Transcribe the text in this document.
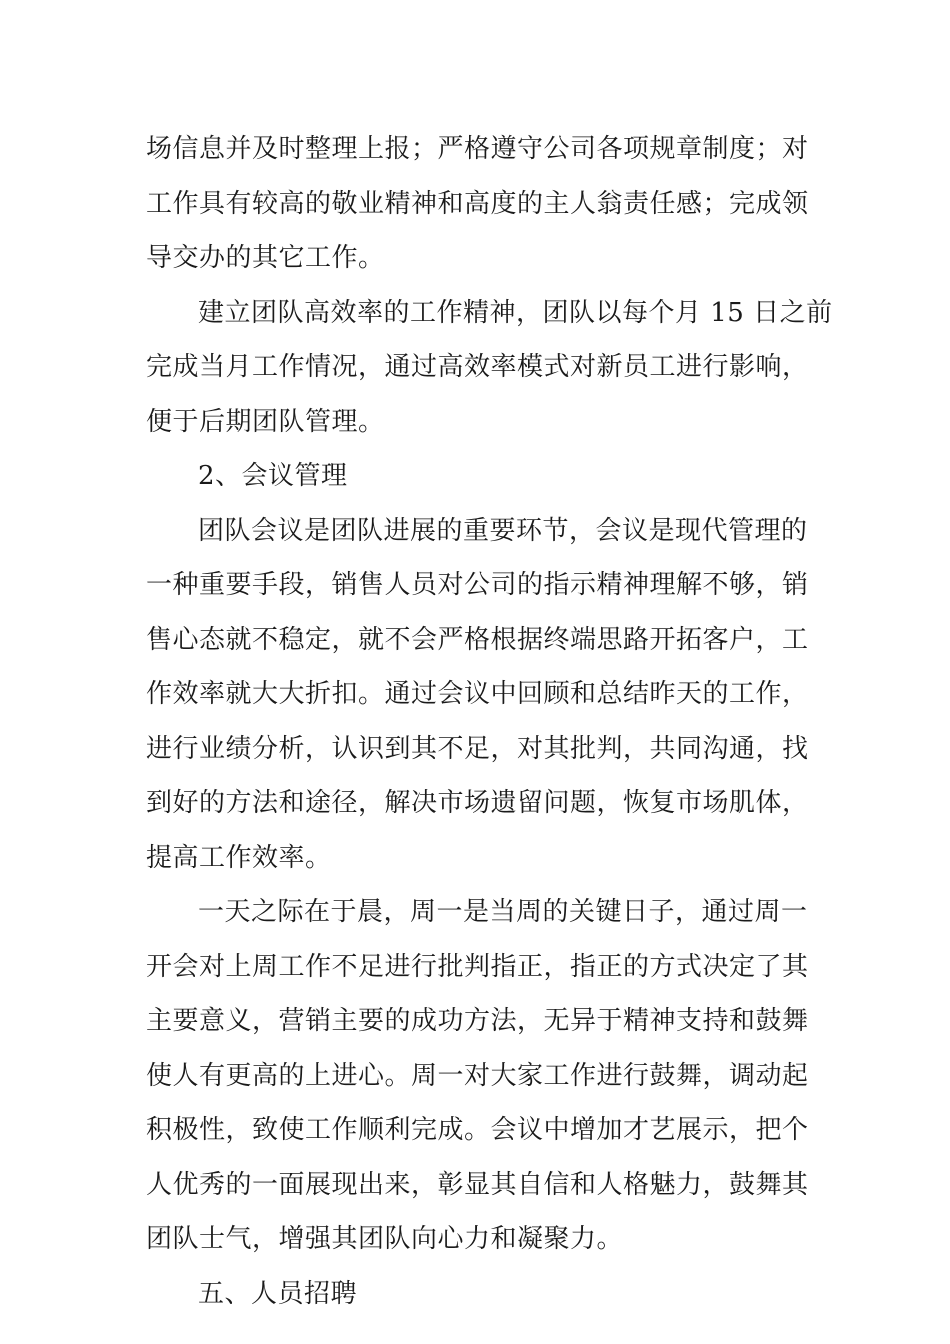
场信息并及时整理上报；严格遵守公司各项规章制度；对
工作具有较高的敬业精神和高度的主人翁责任感；完成领
导交办的其它工作。
建立团队高效率的工作精神，团队以每个月 15 日之前
完成当月工作情况，通过高效率模式对新员工进行影响，
便于后期团队管理。
2、会议管理
团队会议是团队进展的重要环节，会议是现代管理的
一种重要手段，销售人员对公司的指示精神理解不够，销
售心态就不稳定，就不会严格根据终端思路开拓客户，工
作效率就大大折扣。通过会议中回顾和总结昨天的工作，
进行业绩分析，认识到其不足，对其批判，共同沟通，找
到好的方法和途径，解决市场遗留问题，恢复市场肌体，
提高工作效率。
一天之际在于晨，周一是当周的关键日子，通过周一
开会对上周工作不足进行批判指正，指正的方式决定了其
主要意义，营销主要的成功方法，无异于精神支持和鼓舞
使人有更高的上进心。周一对大家工作进行鼓舞，调动起
积极性，致使工作顺利完成。会议中增加才艺展示，把个
人优秀的一面展现出来，彰显其自信和人格魅力，鼓舞其
团队士气，增强其团队向心力和凝聚力。
五、人员招聘
